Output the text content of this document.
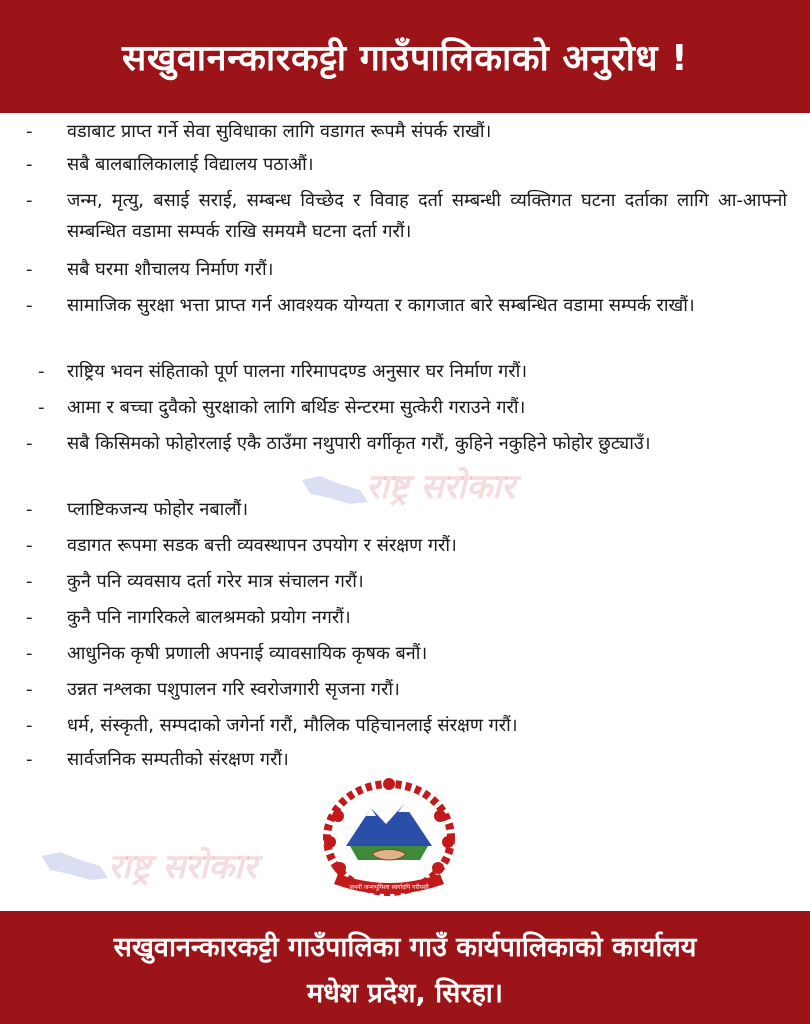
सखुवानन्कारकट्टी गाउँपालिकाको अनुरोध !
राष्ट्र सरोकार
राष्ट्र सरोकार
- वडाबाट प्राप्त गर्ने सेवा सुविधाका लागि वडागत रूपमै संपर्क राखौं।
- सबै बालबालिकालाई विद्यालय पठाऔं।
- जन्म, मृत्यु, बसाई सराई, सम्बन्ध विच्छेद र विवाह दर्ता सम्बन्धी व्यक्तिगत घटना दर्ताका लागि आ-आफ्नो सम्बन्धित वडामा सम्पर्क राखि समयमै घटना दर्ता गरौं।
- सबै घरमा शौचालय निर्माण गरौं।
- सामाजिक सुरक्षा भत्ता प्राप्त गर्न आवश्यक योग्यता र कागजात बारे सम्बन्धित वडामा सम्पर्क राखौं।
- राष्ट्रिय भवन संहिताको पूर्ण पालना गरिमापदण्ड अनुसार घर निर्माण गरौं।
- आमा र बच्चा दुवैको सुरक्षाको लागि बर्थिङ सेन्टरमा सुत्केरी गराउने गरौं।
- सबै किसिमको फोहोरलाई एकै ठाउँमा नथुपारी वर्गीकृत गरौं, कुहिने नकुहिने फोहोर छुट्याउँ।
- प्लाष्टिकजन्य फोहोर नबालौं।
- वडागत रूपमा सडक बत्ती व्यवस्थापन उपयोग र संरक्षण गरौं।
- कुनै पनि व्यवसाय दर्ता गरेर मात्र संचालन गरौं।
- कुनै पनि नागरिकले बालश्रमको प्रयोग नगरौं।
- आधुनिक कृषी प्रणाली अपनाई व्यावसायिक कृषक बनौं।
- उन्नत नश्लका पशुपालन गरि स्वरोजगारी सृजना गरौं।
- धर्म, संस्कृती, सम्पदाको जगेर्ना गरौं, मौलिक पहिचानलाई संरक्षण गरौं।
- सार्वजनिक सम्पतीको संरक्षण गरौं।
जननी जन्मभूमिश्च स्वर्गादपि गरीयसी
सखुवानन्कारकट्टी गाउँपालिका गाउँ कार्यपालिकाको कार्यालय
मधेश प्रदेश, सिरहा।
